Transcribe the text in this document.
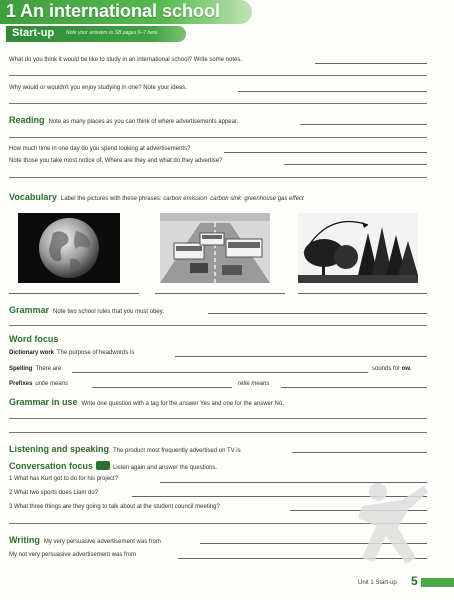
1 An international school
Start-up Note your answers to SB pages 6–7 here.
What do you think it would be like to study in an international school? Write some notes.
Why would or wouldn't you enjoy studying in one? Note your ideas.
Reading Note as many places as you can think of where advertisements appear.
How much time in one day do you spend looking at advertisements?
Note those you take most notice of. Where are they and what do they advertise?
Vocabulary Label the pictures with these phrases: carbon emission carbon sink greenhouse gas effect
Grammar Note two school rules that you must obey.
Word focus
Dictionary work The purpose of headwords is
Spelling There are	sounds for ow.
Prefixes untie means	retie means
Grammar in use Write one question with a tag for the answer Yes and one for the answer No.
Listening and speaking The product most frequently advertised on TV is
Conversation focus	Listen again and answer the questions.
1 What has Kurt got to do for his project?
2 What two sports does Liam do?
3 What three things are they going to talk about at the student council meeting?
Writing My very persuasive advertisement was from
My not very persuasive advertisement was from
Unit 1 Start-up 5
